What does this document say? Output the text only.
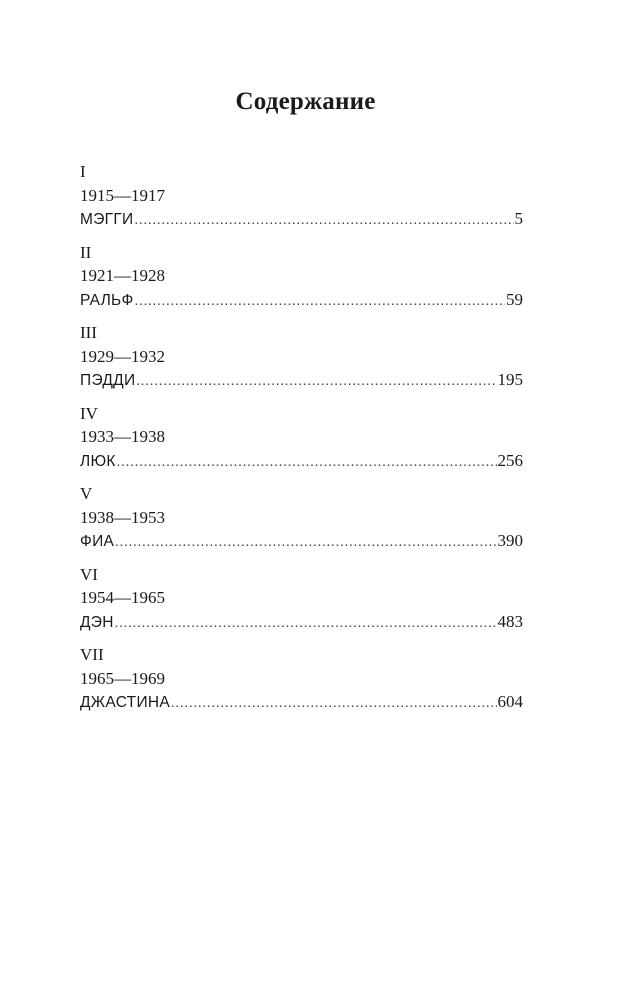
Содержание
I
1915—1917
МЭГГИ .....	5
II
1921—1928
РАЛЬФ .....	59
III
1929—1932
ПЭДДИ .....	195
IV
1933—1938
ЛЮК .....	256
V
1938—1953
ФИА .....	390
VI
1954—1965
ДЭН .....	483
VII
1965—1969
ДЖАСТИНА .....	604
